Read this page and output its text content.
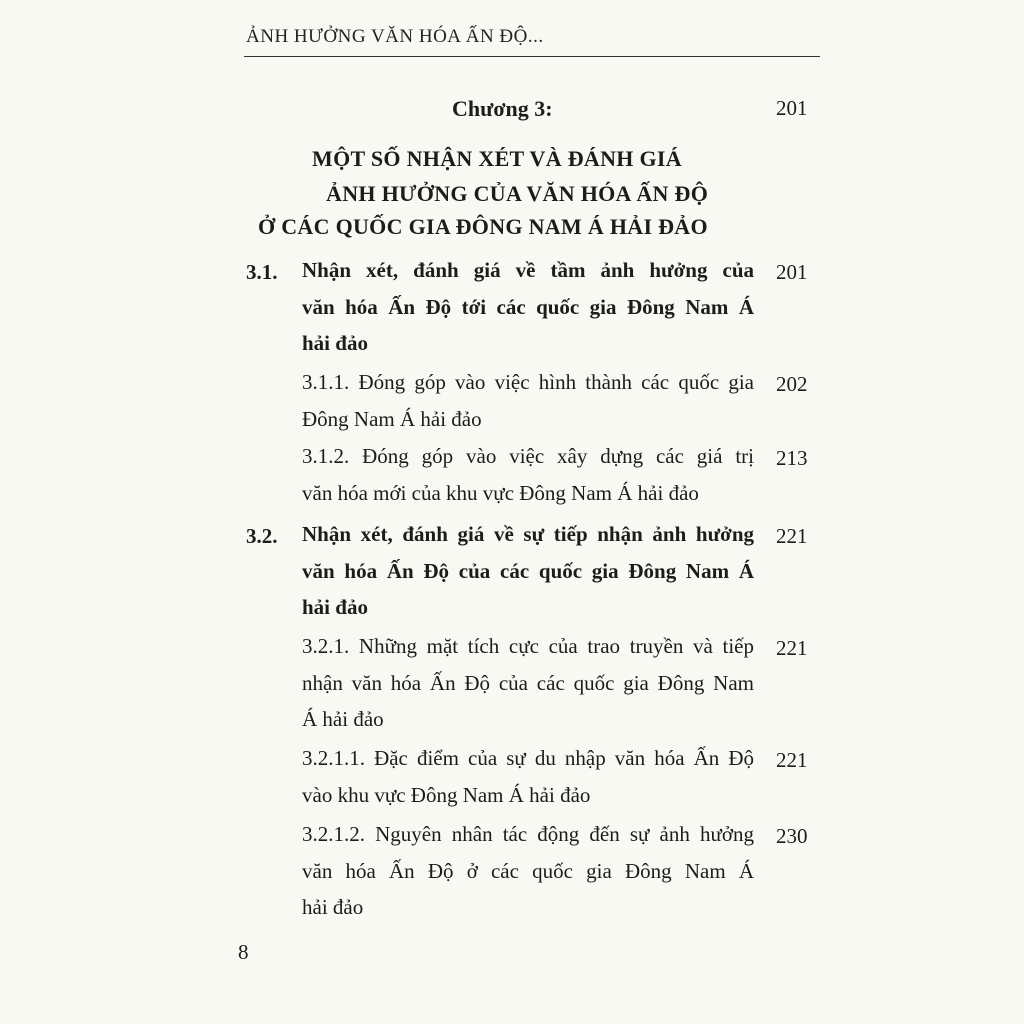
ẢNH HƯỞNG VĂN HÓA ẤN ĐỘ...
Chương 3:	201
MỘT SỐ NHẬN XÉT VÀ ĐÁNH GIÁ
ẢNH HƯỞNG CỦA VĂN HÓA ẤN ĐỘ
Ở CÁC QUỐC GIA ĐÔNG NAM Á HẢI ĐẢO
3.1. Nhận xét, đánh giá về tầm ảnh hưởng của
văn hóa Ấn Độ tới các quốc gia Đông Nam Á
hải đảo
201
3.1.1. Đóng góp vào việc hình thành các quốc gia
Đông Nam Á hải đảo
202
3.1.2. Đóng góp vào việc xây dựng các giá trị
văn hóa mới của khu vực Đông Nam Á hải đảo
213
3.2. Nhận xét, đánh giá về sự tiếp nhận ảnh hưởng
văn hóa Ấn Độ của các quốc gia Đông Nam Á
hải đảo
221
3.2.1. Những mặt tích cực của trao truyền và tiếp
nhận văn hóa Ấn Độ của các quốc gia Đông Nam
Á hải đảo
221
3.2.1.1. Đặc điểm của sự du nhập văn hóa Ấn Độ
vào khu vực Đông Nam Á hải đảo
221
3.2.1.2. Nguyên nhân tác động đến sự ảnh hưởng
văn hóa Ấn Độ ở các quốc gia Đông Nam Á
hải đảo
230
8
